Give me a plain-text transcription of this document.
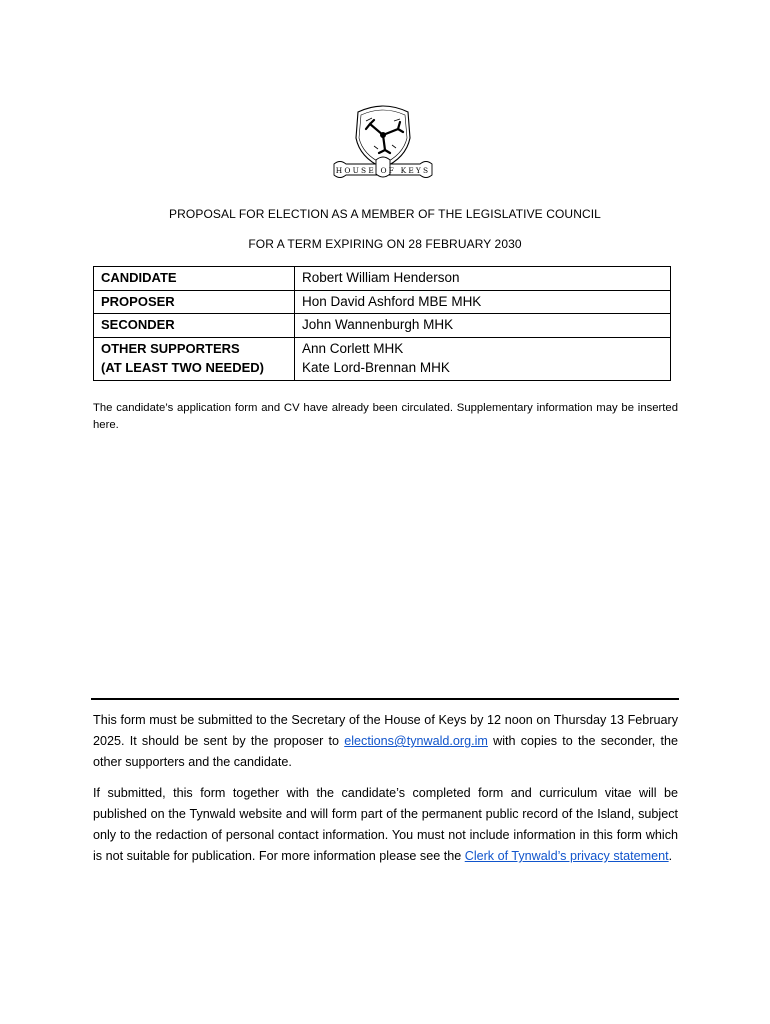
HOUSE OF KEYS
PROPOSAL FOR ELECTION AS A MEMBER OF THE LEGISLATIVE COUNCIL
FOR A TERM EXPIRING ON 28 FEBRUARY 2030
CANDIDATE	Robert William Henderson

PROPOSER	Hon David Ashford MBE MHK

SECONDER	John Wannenburgh MHK

OTHER SUPPORTERS
(AT LEAST TWO NEEDED)	Ann Corlett MHK
Kate Lord-Brennan MHK
The candidate’s application form and CV have already been circulated. Supplementary information may be inserted here.

This form must be submitted to the Secretary of the House of Keys by 12 noon on Thursday 13 February 2025. It should be sent by the proposer to elections@tynwald.org.im with copies to the seconder, the other supporters and the candidate.

If submitted, this form together with the candidate’s completed form and curriculum vitae will be published on the Tynwald website and will form part of the permanent public record of the Island, subject only to the redaction of personal contact information. You must not include information in this form which is not suitable for publication. For more information please see the Clerk of Tynwald’s privacy statement.
